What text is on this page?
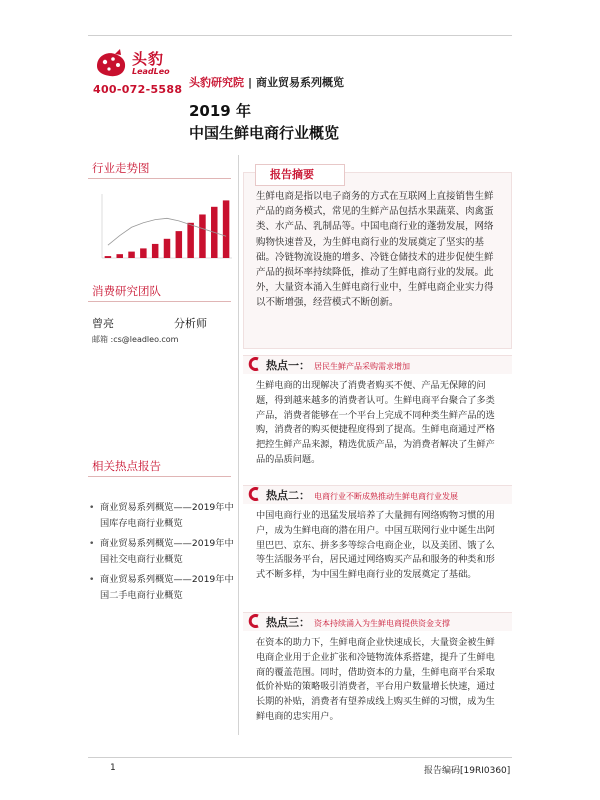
头豹
LeadLeo
400-072-5588
头豹研究院 | 商业贸易系列概览
2019 年
中国生鲜电商行业概览
行业走势图
消费研究团队
曾亮	分析师
邮箱 :cs@leadleo.com
相关热点报告
• 商业贸易系列概览——2019年中国库存电商行业概览
• 商业贸易系列概览——2019年中国社交电商行业概览
• 商业贸易系列概览——2019年中国二手电商行业概览
报告摘要

生鲜电商是指以电子商务的方式在互联网上直接销售生鲜产品的商务模式，常见的生鲜产品包括水果蔬菜、肉禽蛋类、水产品、乳制品等。中国电商行业的蓬勃发展，网络购物快速普及，为生鲜电商行业的发展奠定了坚实的基础。冷链物流设施的增多、冷链仓储技术的进步促使生鲜产品的损坏率持续降低，推动了生鲜电商行业的发展。此外，大量资本涌入生鲜电商行业中，生鲜电商企业实力得以不断增强，经营模式不断创新。

热点一： 居民生鲜产品采购需求增加

生鲜电商的出现解决了消费者购买不便、产品无保障的问题，得到越来越多的消费者认可。生鲜电商平台聚合了多类产品，消费者能够在一个平台上完成不同种类生鲜产品的选购，消费者的购买便捷程度得到了提高。生鲜电商通过严格把控生鲜产品来源，精选优质产品，为消费者解决了生鲜产品的品质问题。

热点二： 电商行业不断成熟推动生鲜电商行业发展

中国电商行业的迅猛发展培养了大量拥有网络购物习惯的用户，成为生鲜电商的潜在用户。中国互联网行业中诞生出阿里巴巴、京东、拼多多等综合电商企业，以及美团、饿了么等生活服务平台，居民通过网络购买产品和服务的种类和形式不断多样，为中国生鲜电商行业的发展奠定了基础。

热点三： 资本持续涌入为生鲜电商提供资金支撑

在资本的助力下，生鲜电商企业快速成长，大量资金被生鲜电商企业用于企业扩张和冷链物流体系搭建，提升了生鲜电商的覆盖范围。同时，借助资本的力量，生鲜电商平台采取低价补贴的策略吸引消费者，平台用户数量增长快速，通过长期的补贴，消费者有望养成线上购买生鲜的习惯，成为生鲜电商的忠实用户。

1	报告编码[19RI0360]
